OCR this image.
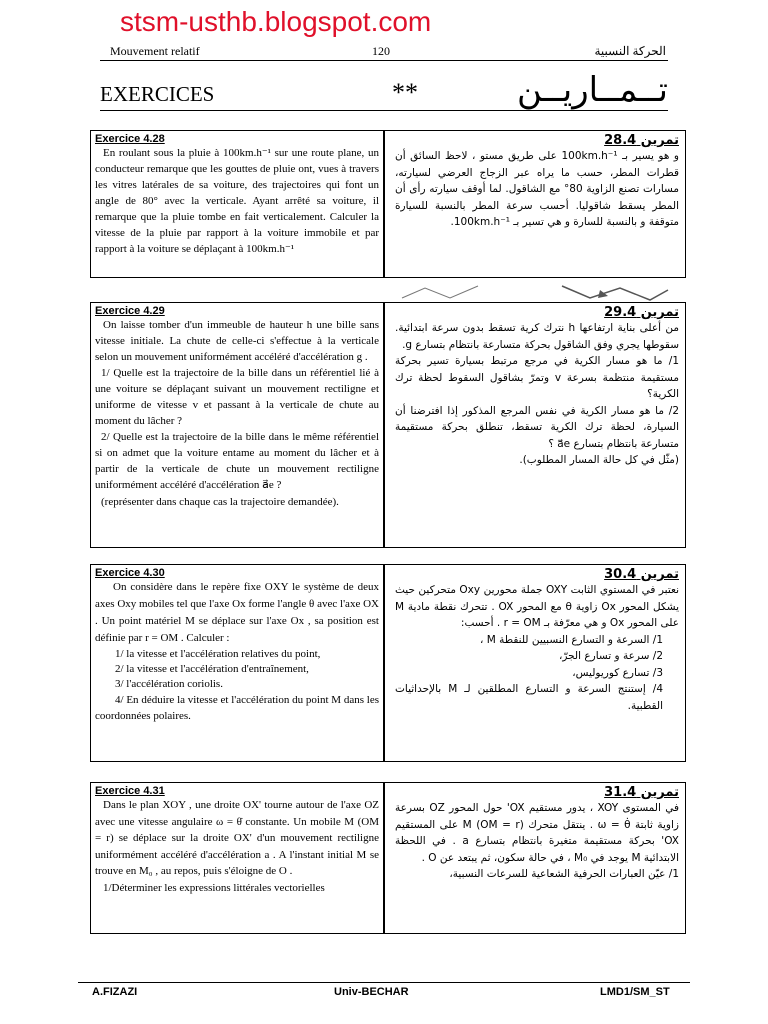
stsm-usthb.blogspot.com
Mouvement relatif	120	الحركة النسبية
EXERCICES	**	تــمــاريــن
Exercice 4.28

En roulant sous la pluie à 100km.h⁻¹ sur une route plane, un conducteur remarque que les gouttes de pluie ont, vues à travers les vitres latérales de sa voiture, des trajectoires qui font un angle de 80° avec la verticale. Ayant arrêté sa voiture, il remarque que la pluie tombe en fait verticalement. Calculer la vitesse de la pluie par rapport à la voiture immobile et par rapport à la voiture se déplaçant à 100km.h⁻¹

تمرين 28.4

و هو يسير بـ 100km.h⁻¹ على طريق مستو ، لاحظ السائق أن قطرات المطر، حسب ما يراه عبر الزجاج العرضي لسيارته، مسارات تصنع الزاوية 80° مع الشاقول. لما أوقف سيارته رأى أن المطر يسقط شاقوليا. أحسب سرعة المطر بالنسبة للسيارة متوقفة و بالنسبة للسارة و هي تسير بـ 100km.h⁻¹.

Exercice 4.29

On laisse tomber d'un immeuble de hauteur h une bille sans vitesse initiale. La chute de celle-ci s'effectue à la verticale selon un mouvement uniformément accéléré d'accélération g .

1/ Quelle est la trajectoire de la bille dans un référentiel lié à une voiture se déplaçant suivant un mouvement rectiligne et uniforme de vitesse v et passant à la verticale de chute au moment du lâcher ?

2/ Quelle est la trajectoire de la bille dans le même référentiel si on admet que la voiture entame au moment du lâcher et à partir de la verticale de chute un mouvement rectiligne uniformément accéléré d'accélération a⃗e ?

(représenter dans chaque cas la trajectoire demandée).

تمرين 29.4

من أعلى بناية ارتفاعها h نترك كرية تسقط بدون سرعة ابتدائية. سقوطها يجري وفق الشاقول بحركة متسارعة بانتظام بتسارع g.

1/ ما هو مسار الكرية في مرجع مرتبط بسيارة تسير بحركة مستقيمة منتظمة بسرعة v وتمرّ بشاقول السقوط لحظة ترك الكرية؟

2/ ما هو مسار الكرية في نفس المرجع المذكور إذا افترضنا أن السيارة، لحظة ترك الكرية تسقط، تنطلق بحركة مستقيمة متسارعة بانتظام بتسارع a⃗e ؟

(مثّل في كل حالة المسار المطلوب).

Exercice 4.30

On considère dans le repère fixe OXY le système de deux axes Oxy mobiles tel que l'axe Ox forme l'angle θ avec l'axe OX . Un point matériel M se déplace sur l'axe Ox , sa position est définie par r = OM . Calculer :

1/ la vitesse et l'accélération relatives du point,

2/ la vitesse et l'accélération d'entraînement,

3/ l'accélération coriolis.

4/ En déduire la vitesse et l'accélération du point M dans les coordonnées polaires.

تمرين 30.4

نعتبر في المستوي الثابت OXY جملة محورين Oxy متحركين حيث يشكل المحور Ox زاوية θ مع المحور OX . تتحرك نقطة مادية M على المحور Ox و هي معرّفة بـ r = OM . أحسب:

1/ السرعة و التسارع النسبيين للنقطة M ،

2/ سرعة و تسارع الجرّ،

3/ تسارع كوريوليس،

4/ إستنتج السرعة و التسارع المطلقين لـ M بالإحداثيات القطبية.

Exercice 4.31

Dans le plan XOY , une droite OX' tourne autour de l'axe OZ avec une vitesse angulaire ω = θ̇ constante. Un mobile M (OM = r) se déplace sur la droite OX' d'un mouvement rectiligne uniformément accéléré d'accélération a . A l'instant initial M se trouve en M₀ , au repos, puis s'éloigne de O .

1/Déterminer les expressions littérales vectorielles

تمرين 31.4

في المستوى XOY ، يدور مستقيم OX' حول المحور OZ بسرعة زاوية ثابتة ω = θ̇ . ينتقل متحرك M (OM = r) على المستقيم OX' بحركة مستقيمة متغيرة بانتظام بتسارع a . في اللحظة الابتدائية M يوجد في M₀ ، في حالة سكون، ثم يبتعد عن O .

1/ عيّن العبارات الحرفية الشعاعية للسرعات النسبية،

A.FIZAZI	Univ-BECHAR	LMD1/SM_ST
